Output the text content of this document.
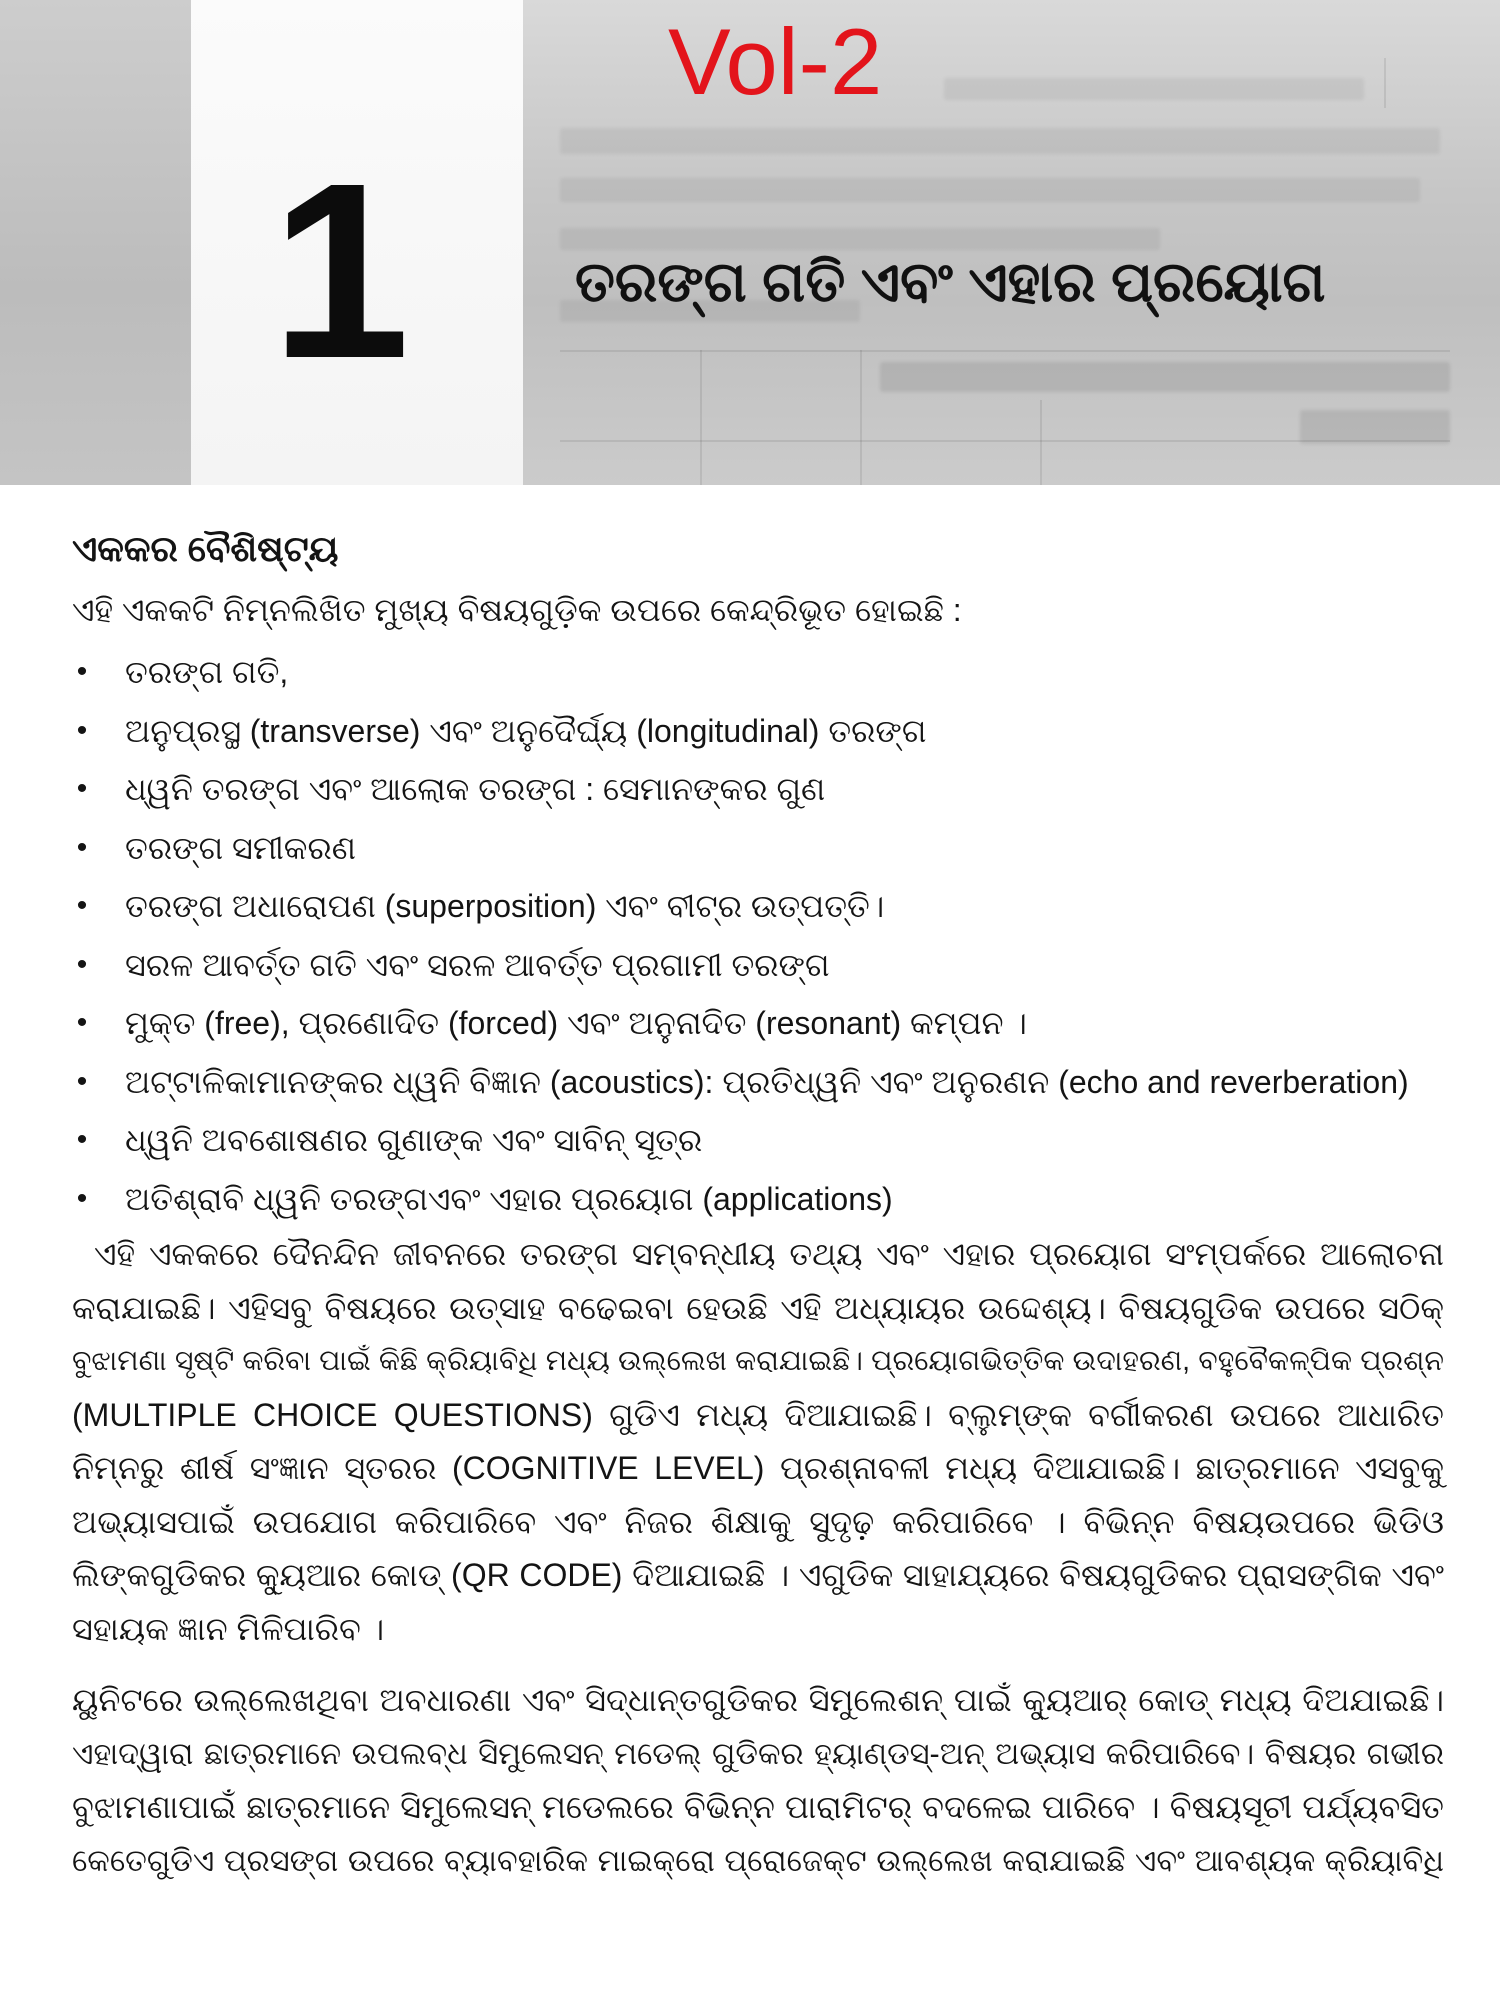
1
Vol-2
ତରଙ୍ଗ ଗତି ଏବଂ ଏହାର ପ୍ରୟୋଗ
ଏକକର ବୈଶିଷ୍ଟ୍ୟ
ଏହି ଏକକଟି ନିମ୍ନଲିଖିତ ମୁଖ୍ୟ ବିଷୟଗୁଡ଼ିକ ଉପରେ କେନ୍ଦ୍ରିଭୂତ ହୋଇଛି :
•
ତରଙ୍ଗ ଗତି,
•
ଅନୁପ୍ରସ୍ଥ (transverse) ଏବଂ ଅନୁଦୈର୍ଘ୍ୟ (longitudinal) ତରଙ୍ଗ
•
ଧ୍ୱନି ତରଙ୍ଗ ଏବଂ ଆଲୋକ ତରଙ୍ଗ : ସେମାନଙ୍କର ଗୁଣ
•
ତରଙ୍ଗ ସମୀକରଣ
•
ତରଙ୍ଗ ଅଧାରୋପଣ (superposition) ଏବଂ ବୀଟ୍‌ର ଉତ୍ପତ୍ତି।
•
ସରଳ ଆବର୍ତ୍ତ ଗତି ଏବଂ ସରଳ ଆବର୍ତ୍ତ ପ୍ରଗାମୀ ତରଙ୍ଗ
•
ମୁକ୍ତ (free), ପ୍ରଣୋଦିତ (forced) ଏବଂ ଅନୁନାଦିତ (resonant) କମ୍ପନ ।
•
ଅଟ୍ଟାଳିକାମାନଙ୍କର ଧ୍ୱନି ବିଜ୍ଞାନ (acoustics): ପ୍ରତିଧ୍ୱନି ଏବଂ ଅନୁରଣନ (echo and reverberation)
•
ଧ୍ୱନି ଅବଶୋଷଣର ଗୁଣାଙ୍କ ଏବଂ ସାବିନ୍ ସୂତ୍ର
•
ଅତିଶ୍ରାବି ଧ୍ୱନି ତରଙ୍ଗଏବଂ ଏହାର ପ୍ରୟୋଗ (applications)
ଏହି ଏକକରେ ଦୈନନ୍ଦିନ ଜୀବନରେ ତରଙ୍ଗ ସମ୍ବନ୍ଧୀୟ ତଥ୍ୟ ଏବଂ ଏହାର ପ୍ରୟୋଗ ସଂମ୍ପର୍କରେ ଆଲୋଚନା
କରାଯାଇଛି। ଏହିସବୁ ବିଷୟରେ ଉତ୍ସାହ ବଢେଇବା ହେଉଛି ଏହି ଅଧ୍ୟାୟର ଉଦ୍ଦେଶ୍ୟ। ବିଷୟଗୁଡିକ ଉପରେ ସଠିକ୍
ବୁଝାମଣା ସୃଷ୍ଟି କରିବା ପାଇଁ କିଛି କ୍ରିୟାବିଧି ମଧ୍ୟ ଉଲ୍ଲେଖ କରାଯାଇଛି। ପ୍ରୟୋଗଭିତ୍ତିକ ଉଦାହରଣ, ବହୁବୈକଳ୍ପିକ ପ୍ରଶ୍ନ
(MULTIPLE CHOICE QUESTIONS) ଗୁଡିଏ ମଧ୍ୟ ଦିଆଯାଇଛି। ବ୍ଲୁମ୍‌ଙ୍କ ବର୍ଗୀକରଣ ଉପରେ ଆଧାରିତ
ନିମ୍ନରୁ ଶୀର୍ଷ ସଂଜ୍ଞାନ ସ୍ତରର (COGNITIVE LEVEL) ପ୍ରଶ୍ନାବଳୀ ମଧ୍ୟ ଦିଆଯାଇଛି। ଛାତ୍ରମାନେ ଏସବୁକୁ
ଅଭ୍ୟାସପାଇଁ ଉପଯୋଗ କରିପାରିବେ ଏବଂ ନିଜର ଶିକ୍ଷାକୁ ସୁଦୃଢ଼ କରିପାରିବେ । ବିଭିନ୍ନ ବିଷୟଉପରେ ଭିଡିଓ
ଲିଙ୍କଗୁଡିକର କ୍ୟୁଆର କୋଡ୍ (QR CODE) ଦିଆଯାଇଛି । ଏଗୁଡିକ ସାହାଯ୍ୟରେ ବିଷୟଗୁଡିକର ପ୍ରାସଙ୍ଗିକ ଏବଂ
ସହାୟକ ଜ୍ଞାନ ମିଳିପାରିବ ।
ୟୁନିଟରେ ଉଲ୍ଲେଖଥିବା ଅବଧାରଣା ଏବଂ ସିଦ୍ଧାନ୍ତଗୁଡିକର ସିମୁଲେଶନ୍ ପାଇଁ କ୍ୟୁଆର୍ କୋଡ୍ ମଧ୍ୟ ଦିଅଯାଇଛି।
ଏହାଦ୍ୱାରା ଛାତ୍ରମାନେ ଉପଲବ୍ଧ ସିମୁଲେସନ୍ ମଡେଲ୍ ଗୁଡିକର ହ୍ୟାଣ୍ଡସ୍-ଅନ୍ ଅଭ୍ୟାସ କରିପାରିବେ। ବିଷୟର ଗଭୀର
ବୁଝାମଣାପାଇଁ ଛାତ୍ରମାନେ ସିମୁଲେସନ୍ ମଡେଲରେ ବିଭିନ୍ନ ପାରାମିଟର୍ ବଦଳେଇ ପାରିବେ । ବିଷୟସୂଚୀ ପର୍ଯ୍ୟବସିତ
କେତେଗୁଡିଏ ପ୍ରସଙ୍ଗ ଉପରେ ବ୍ୟାବହାରିକ ମାଇକ୍ରୋ ପ୍ରୋଜେକ୍ଟ ଉଲ୍ଲେଖ କରାଯାଇଛି ଏବଂ ଆବଶ୍ୟକ କ୍ରିୟାବିଧି
